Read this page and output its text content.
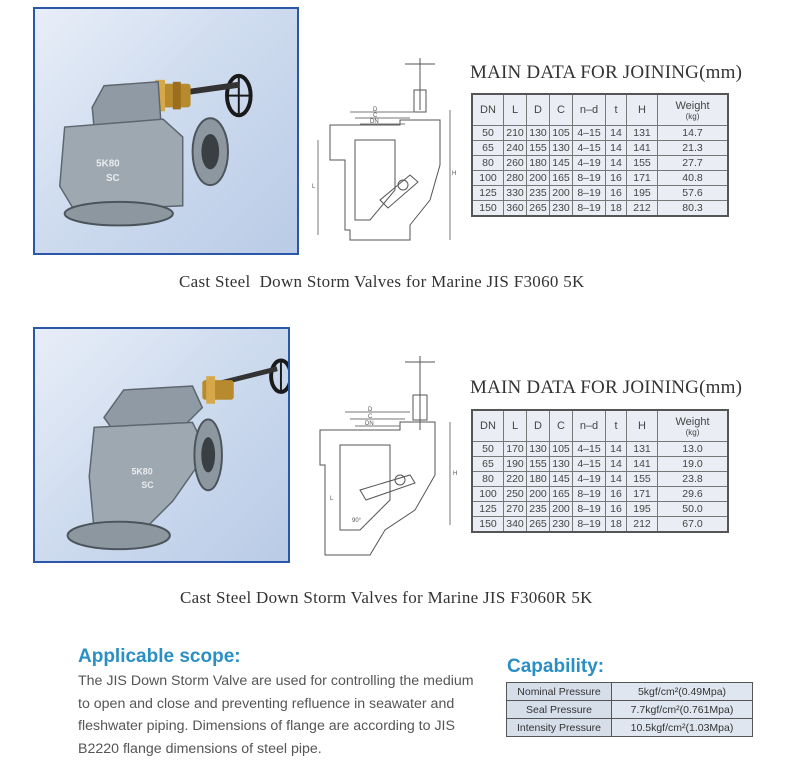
5K80
SC
D
C
DN
H
L
MAIN DATA FOR JOINING(mm)
DN	L	D	C	n–d	t	H	Weight
(kg)

50	210	130	105	4–15	14	131	14.7
65	240	155	130	4–15	14	141	21.3
80	260	180	145	4–19	14	155	27.7
100	280	200	165	8–19	16	171	40.8
125	330	235	200	8–19	16	195	57.6
150	360	265	230	8–19	18	212	80.3
Cast Steel  Down Storm Valves for Marine JIS F3060 5K
5K80
SC
D
C
DN
H
L
90°
MAIN DATA FOR JOINING(mm)
DN	L	D	C	n–d	t	H	Weight
(kg)

50	170	130	105	4–15	14	131	13.0
65	190	155	130	4–15	14	141	19.0
80	220	180	145	4–19	14	155	23.8
100	250	200	165	8–19	16	171	29.6
125	270	235	200	8–19	16	195	50.0
150	340	265	230	8–19	18	212	67.0
Cast Steel Down Storm Valves for Marine JIS F3060R 5K
Applicable scope:
The JIS Down Storm Valve are used for controlling the medium to open and close and preventing refluence in seawater and fleshwater piping. Dimensions of flange are according to JIS B2220 flange dimensions of steel pipe.
Capability:
Nominal Pressure	5kgf/cm²(0.49Mpa)
Seal Pressure	7.7kgf/cm²(0.761Mpa)
Intensity Pressure	10.5kgf/cm²(1.03Mpa)
